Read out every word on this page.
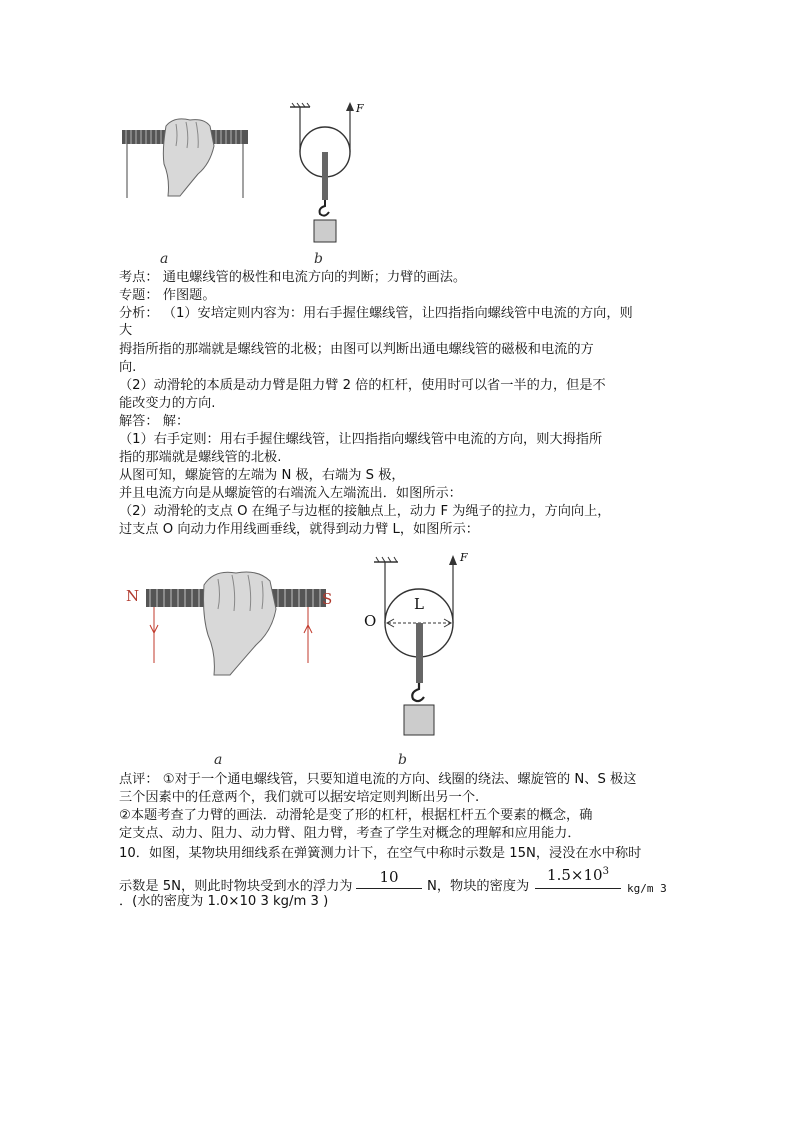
a
F
b
考点： 通电螺线管的极性和电流方向的判断；力臂的画法。
专题： 作图题。
分析： （1）安培定则内容为：用右手握住螺线管，让四指指向螺线管中电流的方向，则
大
拇指所指的那端就是螺线管的北极；由图可以判断出通电螺线管的磁极和电流的方
向.
（2）动滑轮的本质是动力臂是阻力臂 2 倍的杠杆，使用时可以省一半的力，但是不
能改变力的方向.
解答： 解：
（1）右手定则：用右手握住螺线管，让四指指向螺线管中电流的方向，则大拇指所
指的那端就是螺线管的北极.
从图可知，螺旋管的左端为 N 极，右端为 S 极，
并且电流方向是从螺旋管的右端流入左端流出．如图所示：
（2）动滑轮的支点 O 在绳子与边框的接触点上，动力 F 为绳子的拉力，方向向上，
过支点 O 向动力作用线画垂线，就得到动力臂 L，如图所示：
N	S
a
O
L
F
b
点评： ①对于一个通电螺线管，只要知道电流的方向、线圈的绕法、螺旋管的 N、S 极这
三个因素中的任意两个，我们就可以据安培定则判断出另一个.
②本题考查了力臂的画法．动滑轮是变了形的杠杆，根据杠杆五个要素的概念，确
定支点、动力、阻力、动力臂、阻力臂，考查了学生对概念的理解和应用能力．
10．如图，某物块用细线系在弹簧测力计下，在空气中称时示数是 15N，浸没在水中称时
示数是 5N，则此时物块受到水的浮力为
10
N，物块的密度为
$1.5\times 10^3$
kg/m 3
．(水的密度为 1.0×10 3 kg/m 3 )
